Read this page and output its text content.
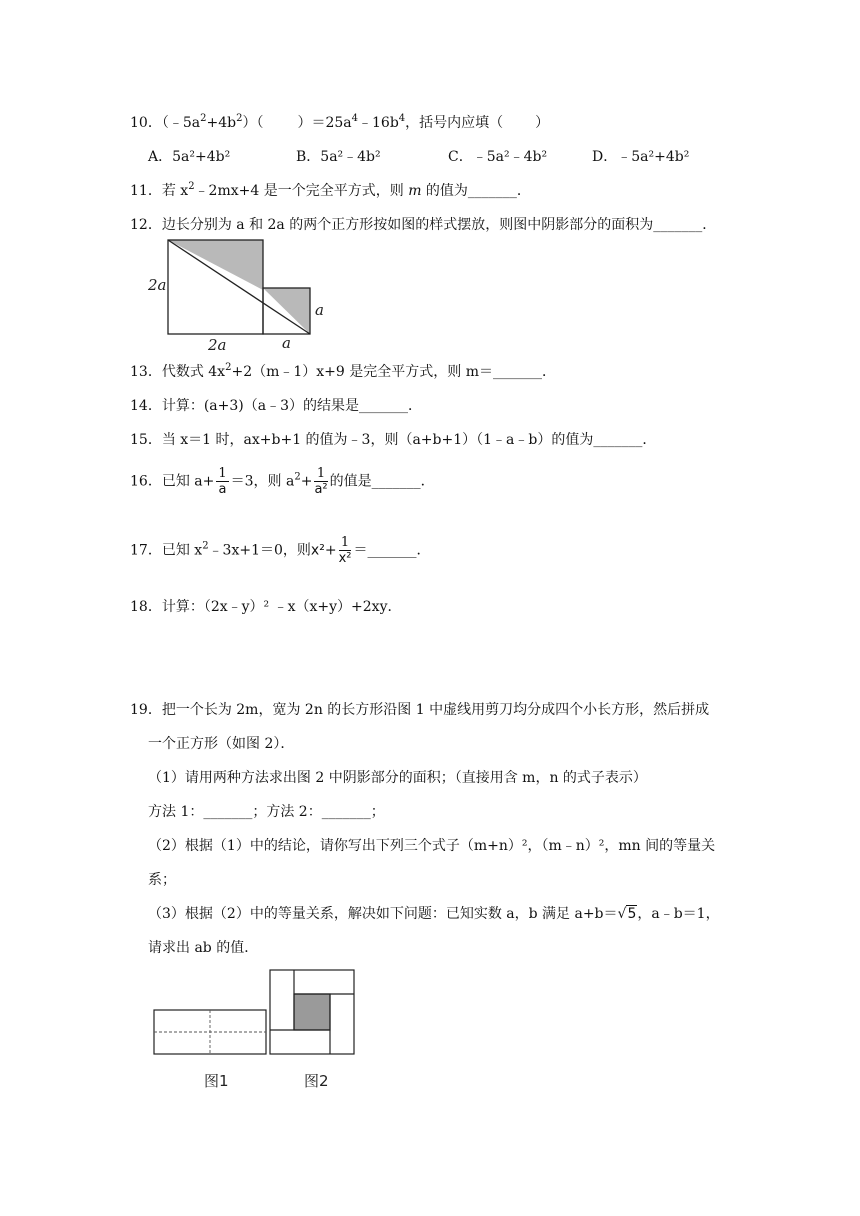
10．$(﹣5a^2+4b^2)$（ ）$=25a^4﹣16b^4$，括号内应填（ ）
A．5a²+4b²	B．5a²﹣4b²	C．﹣5a²﹣4b²	D．﹣5a²+4b²
11．若 $x^2﹣2mx+4$ 是一个完全平方式，则 m 的值为_______．
12．边长分别为 a 和 2a 的两个正方形按如图的样式摆放，则图中阴影部分的面积为_______．
2a
2a	a
a
13．代数式 $4x^2+2(m﹣1)x+9$ 是完全平方式，则 m＝_______．
14．计算：(a+3)（a﹣3）的结果是_______．
15．当 x＝1 时，ax+b+1 的值为﹣3，则（a+b+1）（1﹣a﹣b）的值为_______．
16．已知 $a+ \frac{1}{a} =3$，则 $a^2+ \frac{1}{\text{a²}}$ 的值是_______．
17．已知 $x^2﹣3x+1=0$，则$x^2+ \frac{1}{\text{x²}}$ ＝_______．
18．计算：（2x﹣y）² ﹣x（x+y）+2xy．
19．把一个长为 2m，宽为 2n 的长方形沿图 1 中虚线用剪刀均分成四个小长方形，然后拼成
一个正方形（如图 2）．
（1）请用两种方法求出图 2 中阴影部分的面积；（直接用含 m，n 的式子表示）
方法 1：_______；方法 2：_______；
（2）根据（1）中的结论，请你写出下列三个式子（m+n）²，（m﹣n）²，mn 间的等量关
系；
（3）根据（2）中的等量关系，解决如下问题：已知实数 a，b 满足 a+b＝√5，a﹣b＝1，
请求出 ab 的值．
图1	图2
